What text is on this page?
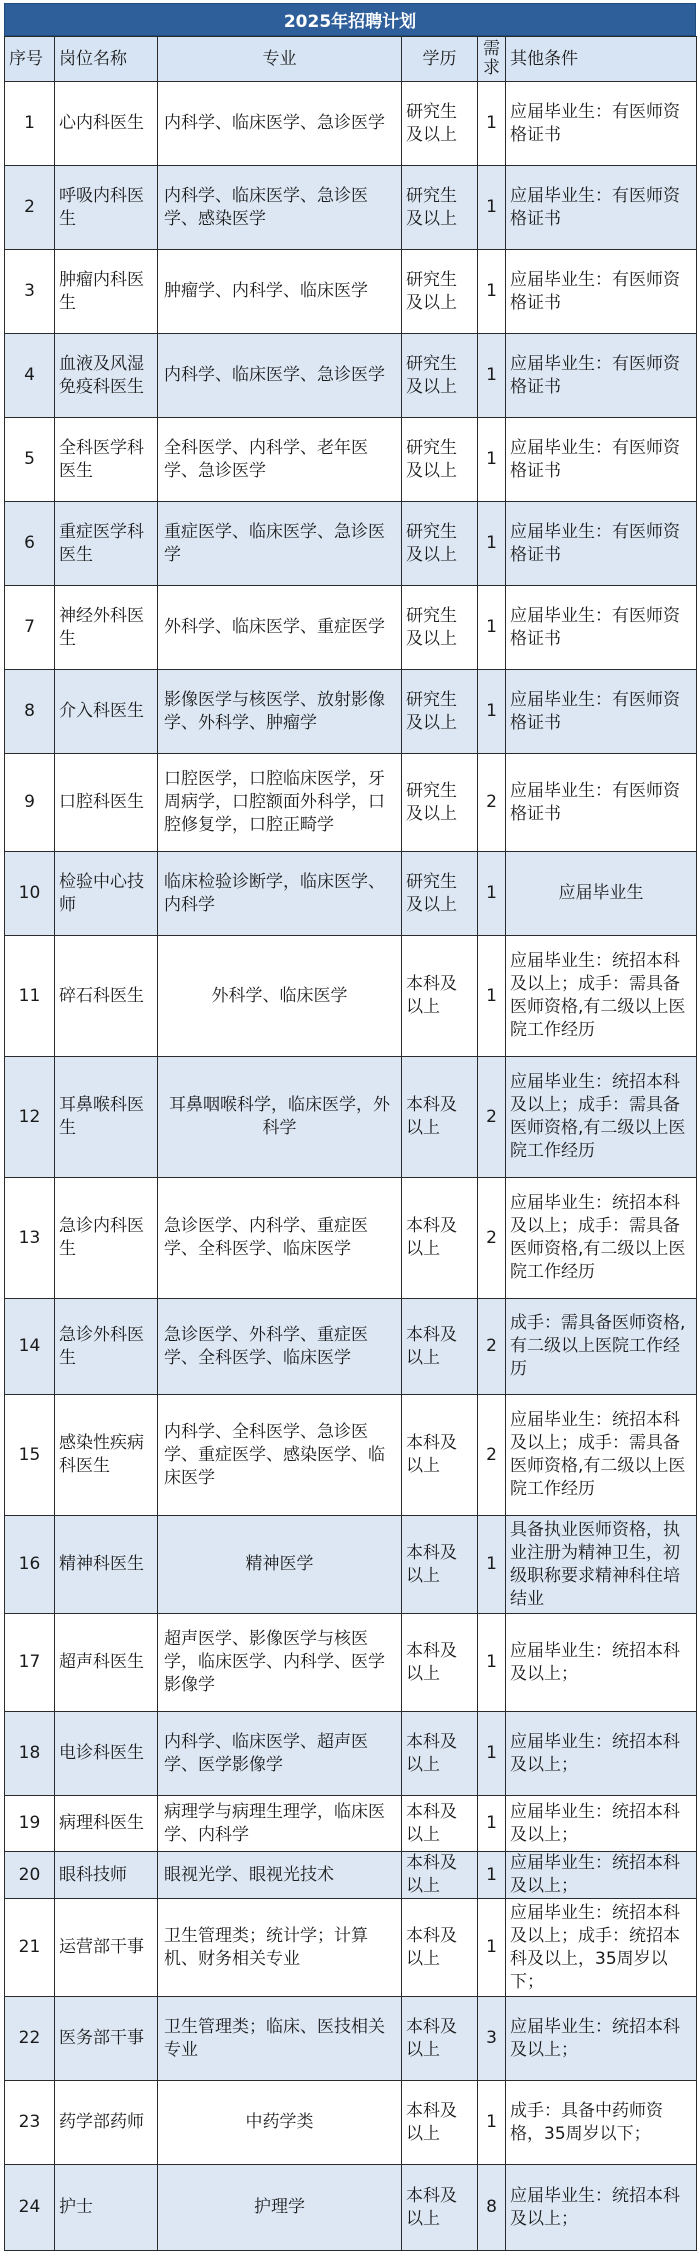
2025年招聘计划
序号	岗位名称	专业	学历	需求	其他条件
1	心内科医生	内科学、临床医学、急诊医学	研究生及以上	1	应届毕业生：有医师资格证书
2	呼吸内科医生	内科学、临床医学、急诊医学、感染医学	研究生及以上	1	应届毕业生：有医师资格证书
3	肿瘤内科医生	肿瘤学、内科学、临床医学	研究生及以上	1	应届毕业生：有医师资格证书
4	血液及风湿免疫科医生	内科学、临床医学、急诊医学	研究生及以上	1	应届毕业生：有医师资格证书
5	全科医学科医生	全科医学、内科学、老年医学、急诊医学	研究生及以上	1	应届毕业生：有医师资格证书
6	重症医学科医生	重症医学、临床医学、急诊医学	研究生及以上	1	应届毕业生：有医师资格证书
7	神经外科医生	外科学、临床医学、重症医学	研究生及以上	1	应届毕业生：有医师资格证书
8	介入科医生	影像医学与核医学、放射影像学、外科学、肿瘤学	研究生及以上	1	应届毕业生：有医师资格证书
9	口腔科医生	口腔医学，口腔临床医学，牙周病学，口腔额面外科学，口腔修复学，口腔正畸学	研究生及以上	2	应届毕业生：有医师资格证书
10	检验中心技师	临床检验诊断学，临床医学、内科学	研究生及以上	1	应届毕业生
11	碎石科医生	外科学、临床医学	本科及以上	1	应届毕业生：统招本科及以上；成手：需具备医师资格,有二级以上医院工作经历
12	耳鼻喉科医生	耳鼻咽喉科学，临床医学，外科学	本科及以上	2	应届毕业生：统招本科及以上；成手：需具备医师资格,有二级以上医院工作经历
13	急诊内科医生	急诊医学、内科学、重症医学、全科医学、临床医学	本科及以上	2	应届毕业生：统招本科及以上；成手：需具备医师资格,有二级以上医院工作经历
14	急诊外科医生	急诊医学、外科学、重症医学、全科医学、临床医学	本科及以上	2	成手：需具备医师资格,有二级以上医院工作经历
15	感染性疾病科医生	内科学、全科医学、急诊医学、重症医学、感染医学、临床医学	本科及以上	2	应届毕业生：统招本科及以上；成手：需具备医师资格,有二级以上医院工作经历
16	精神科医生	精神医学	本科及以上	1	具备执业医师资格，执业注册为精神卫生，初级职称要求精神科住培结业
17	超声科医生	超声医学、影像医学与核医学，临床医学、内科学、医学影像学	本科及以上	1	应届毕业生：统招本科及以上；
18	电诊科医生	内科学、临床医学、超声医学、医学影像学	本科及以上	1	应届毕业生：统招本科及以上；
19	病理科医生	病理学与病理生理学，临床医学、内科学	本科及以上	1	应届毕业生：统招本科及以上；
20	眼科技师	眼视光学、眼视光技术	本科及以上	1	应届毕业生：统招本科及以上；
21	运营部干事	卫生管理类；统计学；计算机、财务相关专业	本科及以上	1	应届毕业生：统招本科及以上；成手：统招本科及以上，35周岁以下；
22	医务部干事	卫生管理类；临床、医技相关专业	本科及以上	3	应届毕业生：统招本科及以上；
23	药学部药师	中药学类	本科及以上	1	成手：具备中药师资格，35周岁以下；
24	护士	护理学	本科及以上	8	应届毕业生：统招本科及以上；
